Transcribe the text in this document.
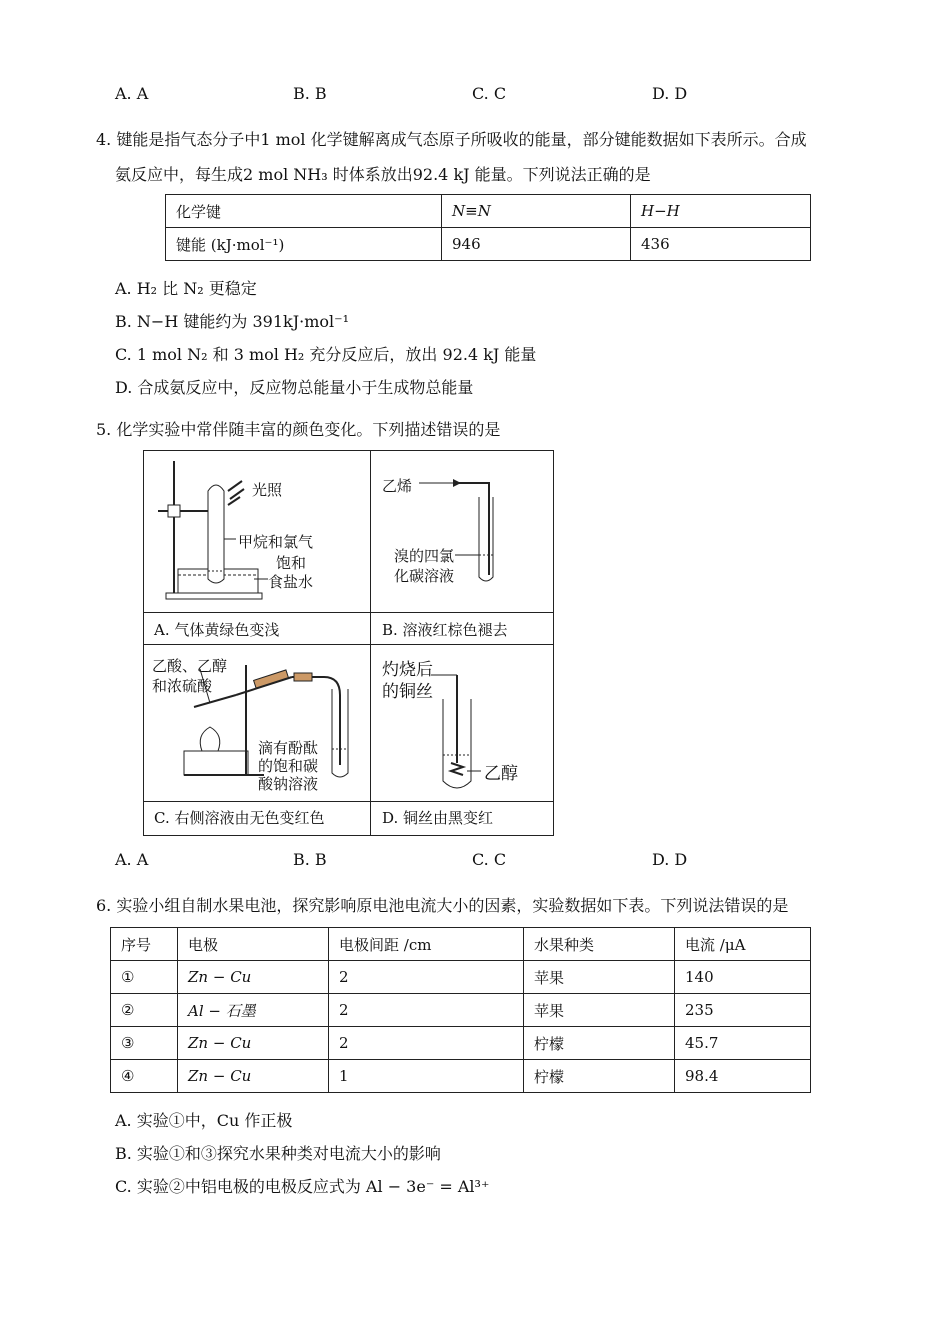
A. A	B. B	C. C	D. D
4. 键能是指气态分子中1 mol 化学键解离成气态原子所吸收的能量，部分键能数据如下表所示。合成
氨反应中，每生成2 mol NH₃ 时体系放出92.4 kJ 能量。下列说法正确的是
化学键	N≡N	H−H
键能 (kJ·mol⁻¹)	946	436
A. H₂ 比 N₂ 更稳定
B. N−H 键能约为 391kJ·mol⁻¹
C. 1 mol N₂ 和 3 mol H₂ 充分反应后，放出 92.4 kJ 能量
D. 合成氨反应中，反应物总能量小于生成物总能量
5. 化学实验中常伴随丰富的颜色变化。下列描述错误的是
光照
甲烷和氯气
饱和
食盐水
A. 气体黄绿色变浅
乙烯
溴的四氯
化碳溶液
B. 溶液红棕色褪去
乙酸、乙醇
和浓硫酸
滴有酚酞
的饱和碳
酸钠溶液
C. 右侧溶液由无色变红色
灼烧后
的铜丝
乙醇
D. 铜丝由黑变红
A. A	B. B	C. C	D. D
6. 实验小组自制水果电池，探究影响原电池电流大小的因素，实验数据如下表。下列说法错误的是
序号	电极	电极间距 /cm	水果种类	电流 /μA
①	Zn − Cu	2	苹果	140
②	Al − 石墨	2	苹果	235
③	Zn − Cu	2	柠檬	45.7
④	Zn − Cu	1	柠檬	98.4
A. 实验①中，Cu 作正极
B. 实验①和③探究水果种类对电流大小的影响
C. 实验②中铝电极的电极反应式为 Al − 3e⁻ = Al³⁺
